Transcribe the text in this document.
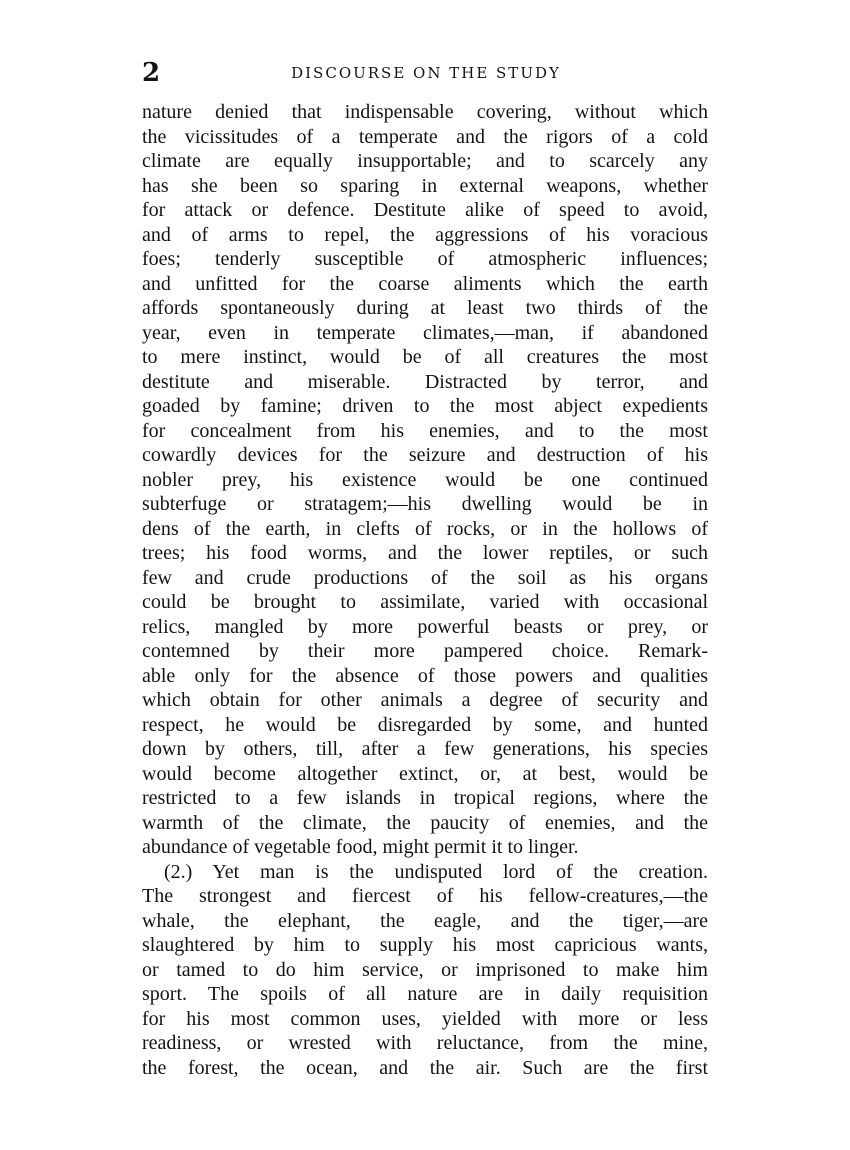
2	DISCOURSE ON THE STUDY
nature denied that indispensable covering, without which
the vicissitudes of a temperate and the rigors of a cold
climate are equally insupportable; and to scarcely any
has she been so sparing in external weapons, whether
for attack or defence. Destitute alike of speed to avoid,
and of arms to repel, the aggressions of his voracious
foes; tenderly susceptible of atmospheric influences;
and unfitted for the coarse aliments which the earth
affords spontaneously during at least two thirds of the
year, even in temperate climates,—man, if abandoned
to mere instinct, would be of all creatures the most
destitute and miserable. Distracted by terror, and
goaded by famine; driven to the most abject expedients
for concealment from his enemies, and to the most
cowardly devices for the seizure and destruction of his
nobler prey, his existence would be one continued
subterfuge or stratagem;—his dwelling would be in
dens of the earth, in clefts of rocks, or in the hollows of
trees; his food worms, and the lower reptiles, or such
few and crude productions of the soil as his organs
could be brought to assimilate, varied with occasional
relics, mangled by more powerful beasts or prey, or
contemned by their more pampered choice. Remark-
able only for the absence of those powers and qualities
which obtain for other animals a degree of security and
respect, he would be disregarded by some, and hunted
down by others, till, after a few generations, his species
would become altogether extinct, or, at best, would be
restricted to a few islands in tropical regions, where the
warmth of the climate, the paucity of enemies, and the
abundance of vegetable food, might permit it to linger.
(2.) Yet man is the undisputed lord of the creation.
The strongest and fiercest of his fellow-creatures,—the
whale, the elephant, the eagle, and the tiger,—are
slaughtered by him to supply his most capricious wants,
or tamed to do him service, or imprisoned to make him
sport. The spoils of all nature are in daily requisition
for his most common uses, yielded with more or less
readiness, or wrested with reluctance, from the mine,
the forest, the ocean, and the air. Such are the first
